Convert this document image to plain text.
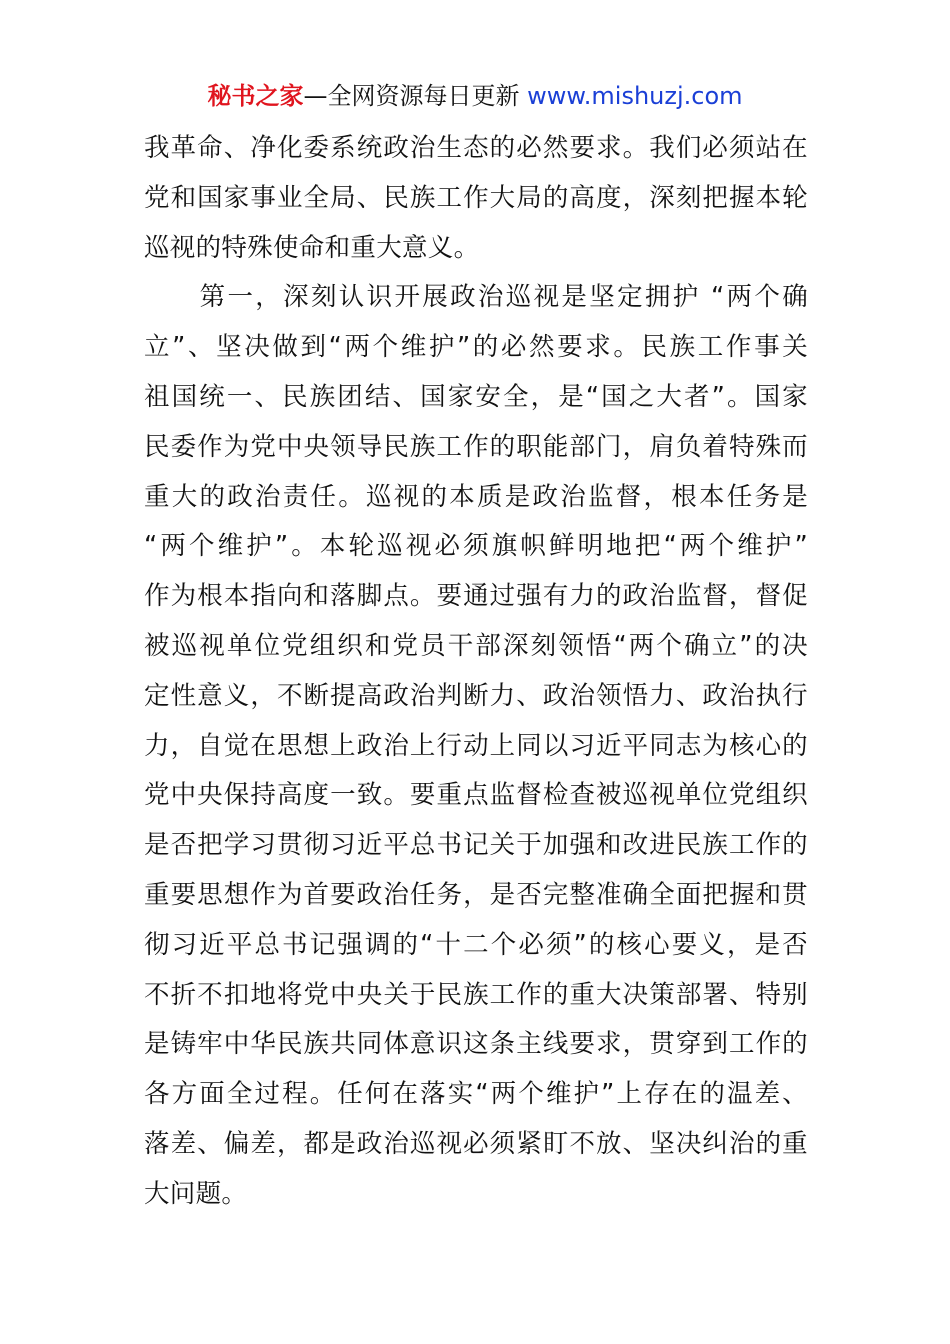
秘书之家—全网资源每日更新 www.mishuzj.com
我革命、净化委系统政治生态的必然要求。我们必须站在
党和国家事业全局、民族工作大局的高度，深刻把握本轮
巡视的特殊使命和重大意义。
　　第一，深刻认识开展政治巡视是坚定拥护 “两个确
立”、坚决做到“两个维护”的必然要求。民族工作事关
祖国统一、民族团结、国家安全，是“国之大者”。国家
民委作为党中央领导民族工作的职能部门，肩负着特殊而
重大的政治责任。巡视的本质是政治监督，根本任务是
“两个维护”。本轮巡视必须旗帜鲜明地把“两个维护”
作为根本指向和落脚点。要通过强有力的政治监督，督促
被巡视单位党组织和党员干部深刻领悟“两个确立”的决
定性意义，不断提高政治判断力、政治领悟力、政治执行
力，自觉在思想上政治上行动上同以习近平同志为核心的
党中央保持高度一致。要重点监督检查被巡视单位党组织
是否把学习贯彻习近平总书记关于加强和改进民族工作的
重要思想作为首要政治任务，是否完整准确全面把握和贯
彻习近平总书记强调的“十二个必须”的核心要义，是否
不折不扣地将党中央关于民族工作的重大决策部署、特别
是铸牢中华民族共同体意识这条主线要求，贯穿到工作的
各方面全过程。任何在落实“两个维护”上存在的温差、
落差、偏差，都是政治巡视必须紧盯不放、坚决纠治的重
大问题。
